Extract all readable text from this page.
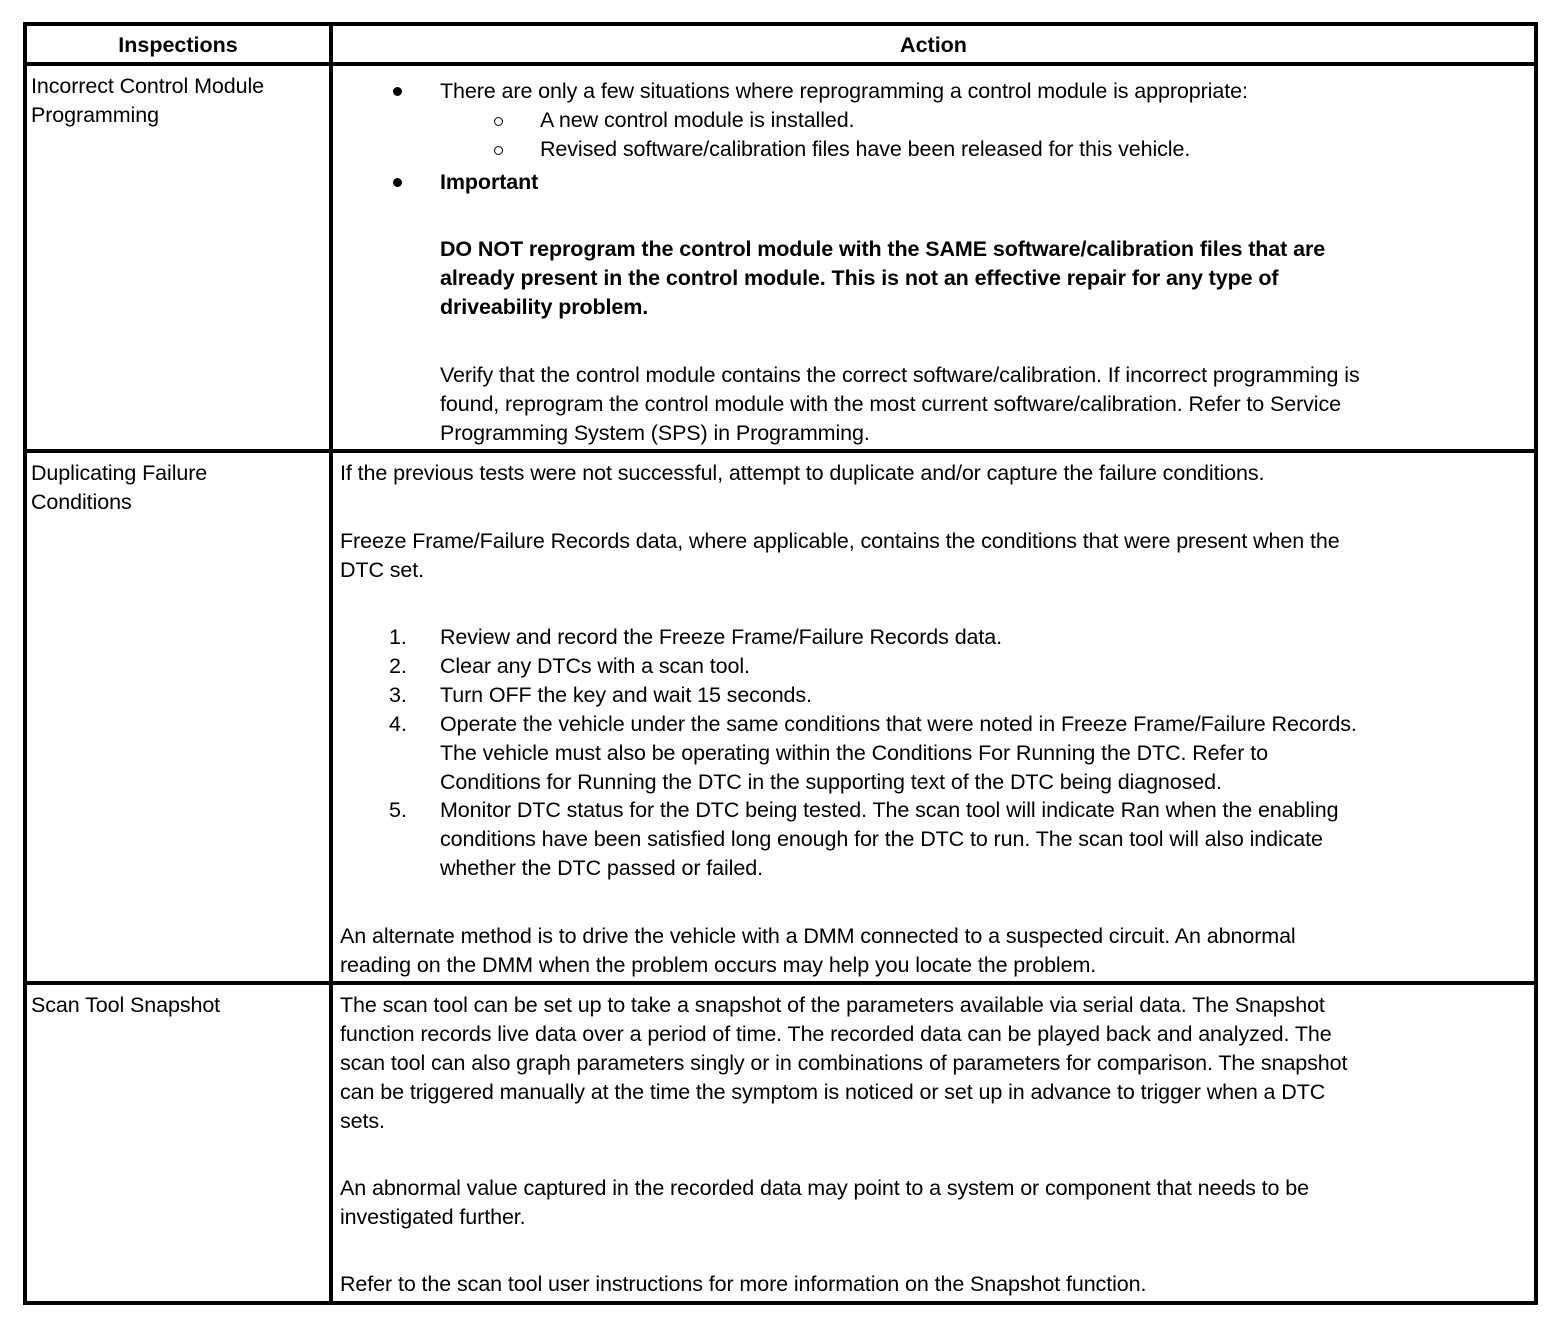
Inspections	Action
Incorrect Control Module
Programming
There are only a few situations where reprogramming a control module is appropriate:
A new control module is installed.
Revised software/calibration files have been released for this vehicle.
Important
DO NOT reprogram the control module with the SAME software/calibration files that are
already present in the control module. This is not an effective repair for any type of
driveability problem.
Verify that the control module contains the correct software/calibration. If incorrect programming is
found, reprogram the control module with the most current software/calibration. Refer to Service
Programming System (SPS) in Programming.
Duplicating Failure
Conditions
If the previous tests were not successful, attempt to duplicate and/or capture the failure conditions.
Freeze Frame/Failure Records data, where applicable, contains the conditions that were present when the
DTC set.
1. Review and record the Freeze Frame/Failure Records data.
2. Clear any DTCs with a scan tool.
3. Turn OFF the key and wait 15 seconds.
4. Operate the vehicle under the same conditions that were noted in Freeze Frame/Failure Records.
The vehicle must also be operating within the Conditions For Running the DTC. Refer to
Conditions for Running the DTC in the supporting text of the DTC being diagnosed.
5. Monitor DTC status for the DTC being tested. The scan tool will indicate Ran when the enabling
conditions have been satisfied long enough for the DTC to run. The scan tool will also indicate
whether the DTC passed or failed.
An alternate method is to drive the vehicle with a DMM connected to a suspected circuit. An abnormal
reading on the DMM when the problem occurs may help you locate the problem.
Scan Tool Snapshot	The scan tool can be set up to take a snapshot of the parameters available via serial data. The Snapshot
function records live data over a period of time. The recorded data can be played back and analyzed. The
scan tool can also graph parameters singly or in combinations of parameters for comparison. The snapshot
can be triggered manually at the time the symptom is noticed or set up in advance to trigger when a DTC
sets.
An abnormal value captured in the recorded data may point to a system or component that needs to be
investigated further.
Refer to the scan tool user instructions for more information on the Snapshot function.
